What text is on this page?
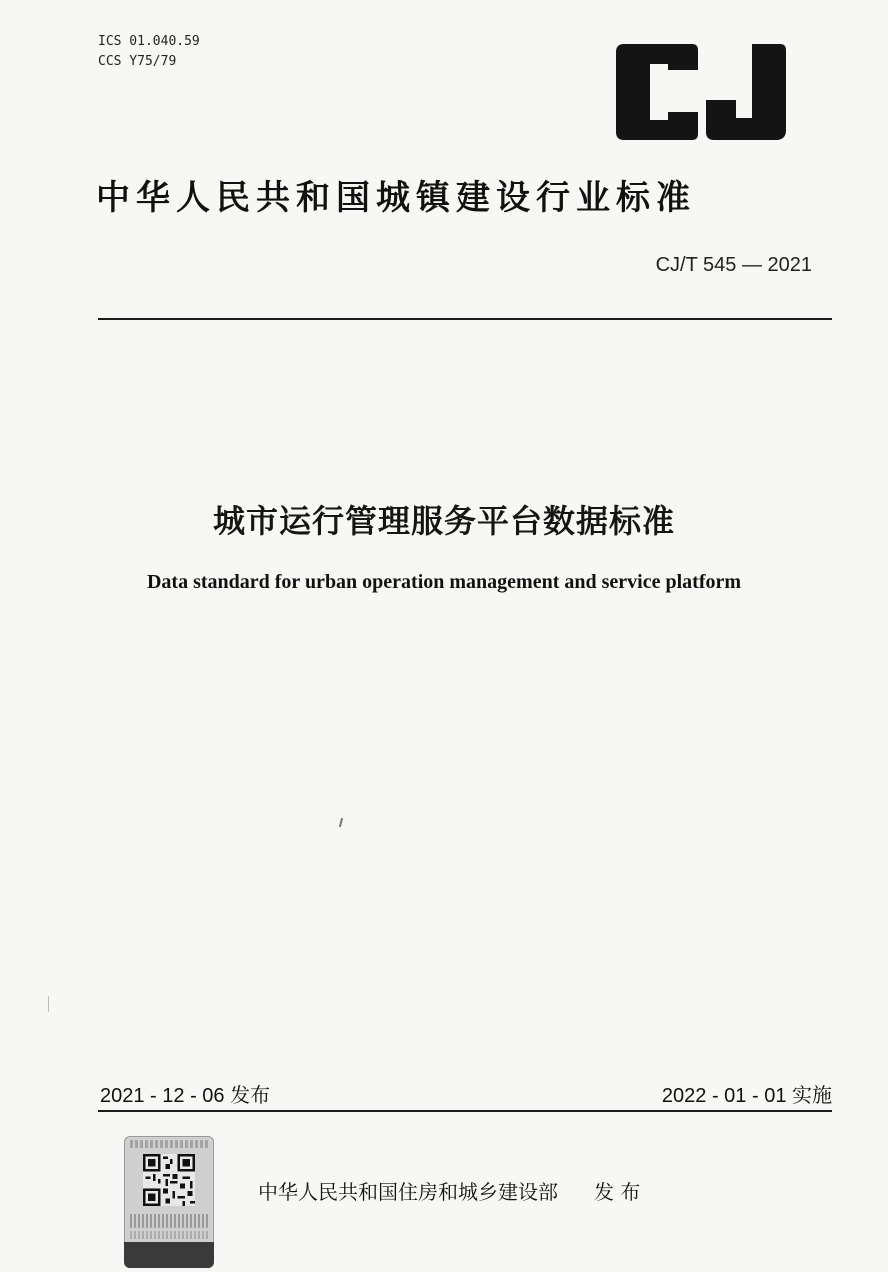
ICS 01.040.59
CCS Y75/79
中华人民共和国城镇建设行业标准
CJ/T 545 — 2021
城市运行管理服务平台数据标准
Data standard for urban operation management and service platform
2021 - 12 - 06 发布	2022 - 01 - 01 实施
中华人民共和国住房和城乡建设部 发 布
